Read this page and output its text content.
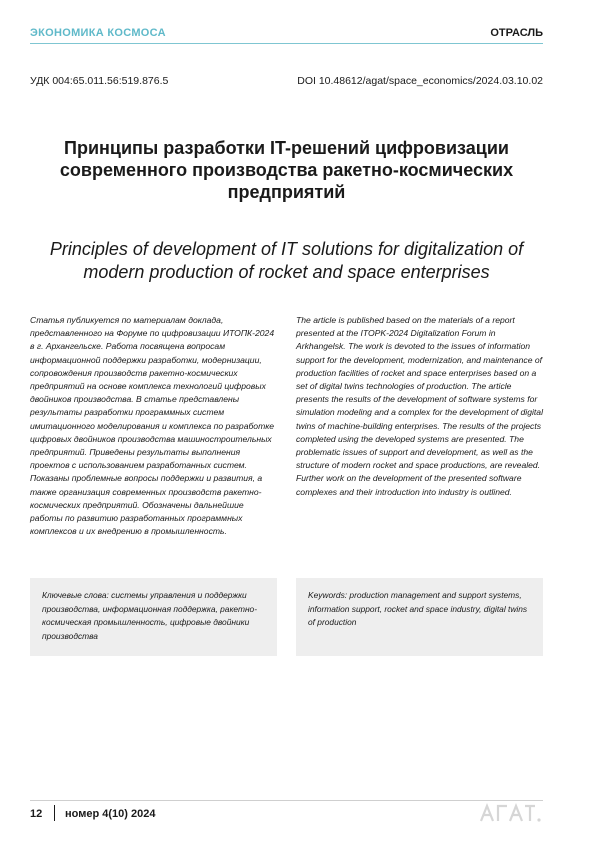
ЭКОНОМИКА КОСМОСА	ОТРАСЛЬ
УДК 004:65.011.56:519.876.5	DOI 10.48612/agat/space_economics/2024.03.10.02
Принципы разработки IT-решений цифровизации современного производства ракетно-космических предприятий
Principles of development of IT solutions for digitalization of modern production of rocket and space enterprises
Статья публикуется по материалам доклада, представленного на Форуме по цифровизации ИТОПК-2024 в г. Архангельске. Работа посвящена вопросам информационной поддержки разработки, модернизации, сопровождения производств ракетно-космических предприятий на основе комплекса технологий цифровых двойников производства. В статье представлены результаты разработки программных систем имитационного моделирования и комплекса по разработке цифровых двойников производства машиностроительных предприятий. Приведены результаты выполнения проектов с использованием разработанных систем. Показаны проблемные вопросы поддержки и развития, а также организация современных производств ракетно-космических предприятий. Обозначены дальнейшие работы по развитию разработанных программных комплексов и их внедрению в промышленность.
The article is published based on the materials of a report presented at the ITOPK-2024 Digitalization Forum in Arkhangelsk. The work is devoted to the issues of information support for the development, modernization, and maintenance of production facilities of rocket and space enterprises based on a set of digital twins technologies of production. The article presents the results of the development of software systems for simulation modeling and a complex for the development of digital twins of machine-building enterprises. The results of the projects completed using the developed systems are presented. The problematic issues of support and development, as well as the structure of modern rocket and space productions, are revealed. Further work on the development of the presented software complexes and their introduction into industry is outlined.
Ключевые слова: системы управления и поддержки производства, информационная поддержка, ракетно-космическая промышленность, цифровые двойники производства
Keywords: production management and support systems, information support, rocket and space industry, digital twins of production
12 номер 4(10) 2024
